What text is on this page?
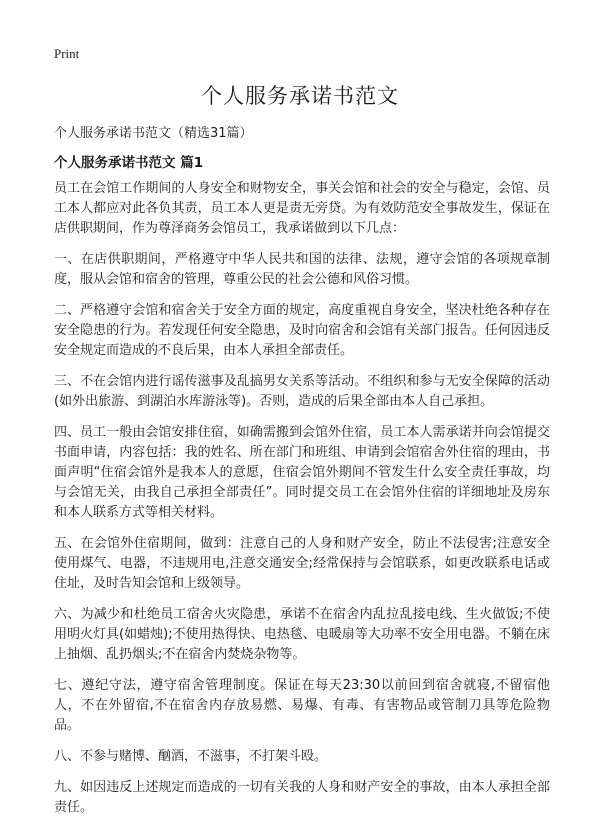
Print
个人服务承诺书范文
个人服务承诺书范文（精选31篇）
个人服务承诺书范文 篇1

员工在会馆工作期间的人身安全和财物安全，事关会馆和社会的安全与稳定，会馆、员工本人都应对此各负其责，员工本人更是责无旁贷。为有效防范安全事故发生，保证在店供职期间，作为尊泽商务会馆员工，我承诺做到以下几点：

一、在店供职期间，严格遵守中华人民共和国的法律、法规，遵守会馆的各项规章制度，服从会馆和宿舍的管理，尊重公民的社会公德和风俗习惯。

二、严格遵守会馆和宿舍关于安全方面的规定，高度重视自身安全，坚决杜绝各种存在安全隐患的行为。若发现任何安全隐患，及时向宿舍和会馆有关部门报告。任何因违反安全规定而造成的不良后果，由本人承担全部责任。

三、不在会馆内进行谣传滋事及乱搞男女关系等活动。不组织和参与无安全保障的活动(如外出旅游、到湖泊水库游泳等)。否则，造成的后果全部由本人自己承担。

四、员工一般由会馆安排住宿，如确需搬到会馆外住宿，员工本人需承诺并向会馆提交书面申请，内容包括：我的姓名、所在部门和班组、申请到会馆宿舍外住宿的理由，书面声明“住宿会馆外是我本人的意愿，住宿会馆外期间不管发生什么安全责任事故，均与会馆无关，由我自己承担全部责任”。同时提交员工在会馆外住宿的详细地址及房东和本人联系方式等相关材料。

五、在会馆外住宿期间，做到：注意自己的人身和财产安全，防止不法侵害;注意安全使用煤气、电器，不违规用电,注意交通安全;经常保持与会馆联系，如更改联系电话或住址，及时告知会馆和上级领导。

六、为减少和杜绝员工宿舍火灾隐患，承诺不在宿舍内乱拉乱接电线、生火做饭;不使用明火灯具(如蜡烛);不使用热得快、电热毯、电暖扇等大功率不安全用电器。不躺在床上抽烟、乱扔烟头;不在宿舍内焚烧杂物等。

七、遵纪守法，遵守宿舍管理制度。保证在每天23:30以前回到宿舍就寝,不留宿他人，不在外留宿,不在宿舍内存放易燃、易爆、有毒、有害物品或管制刀具等危险物品。

八、不参与赌博、酗酒，不滋事，不打架斗殴。

九、如因违反上述规定而造成的一切有关我的人身和财产安全的事故，由本人承担全部责任。
